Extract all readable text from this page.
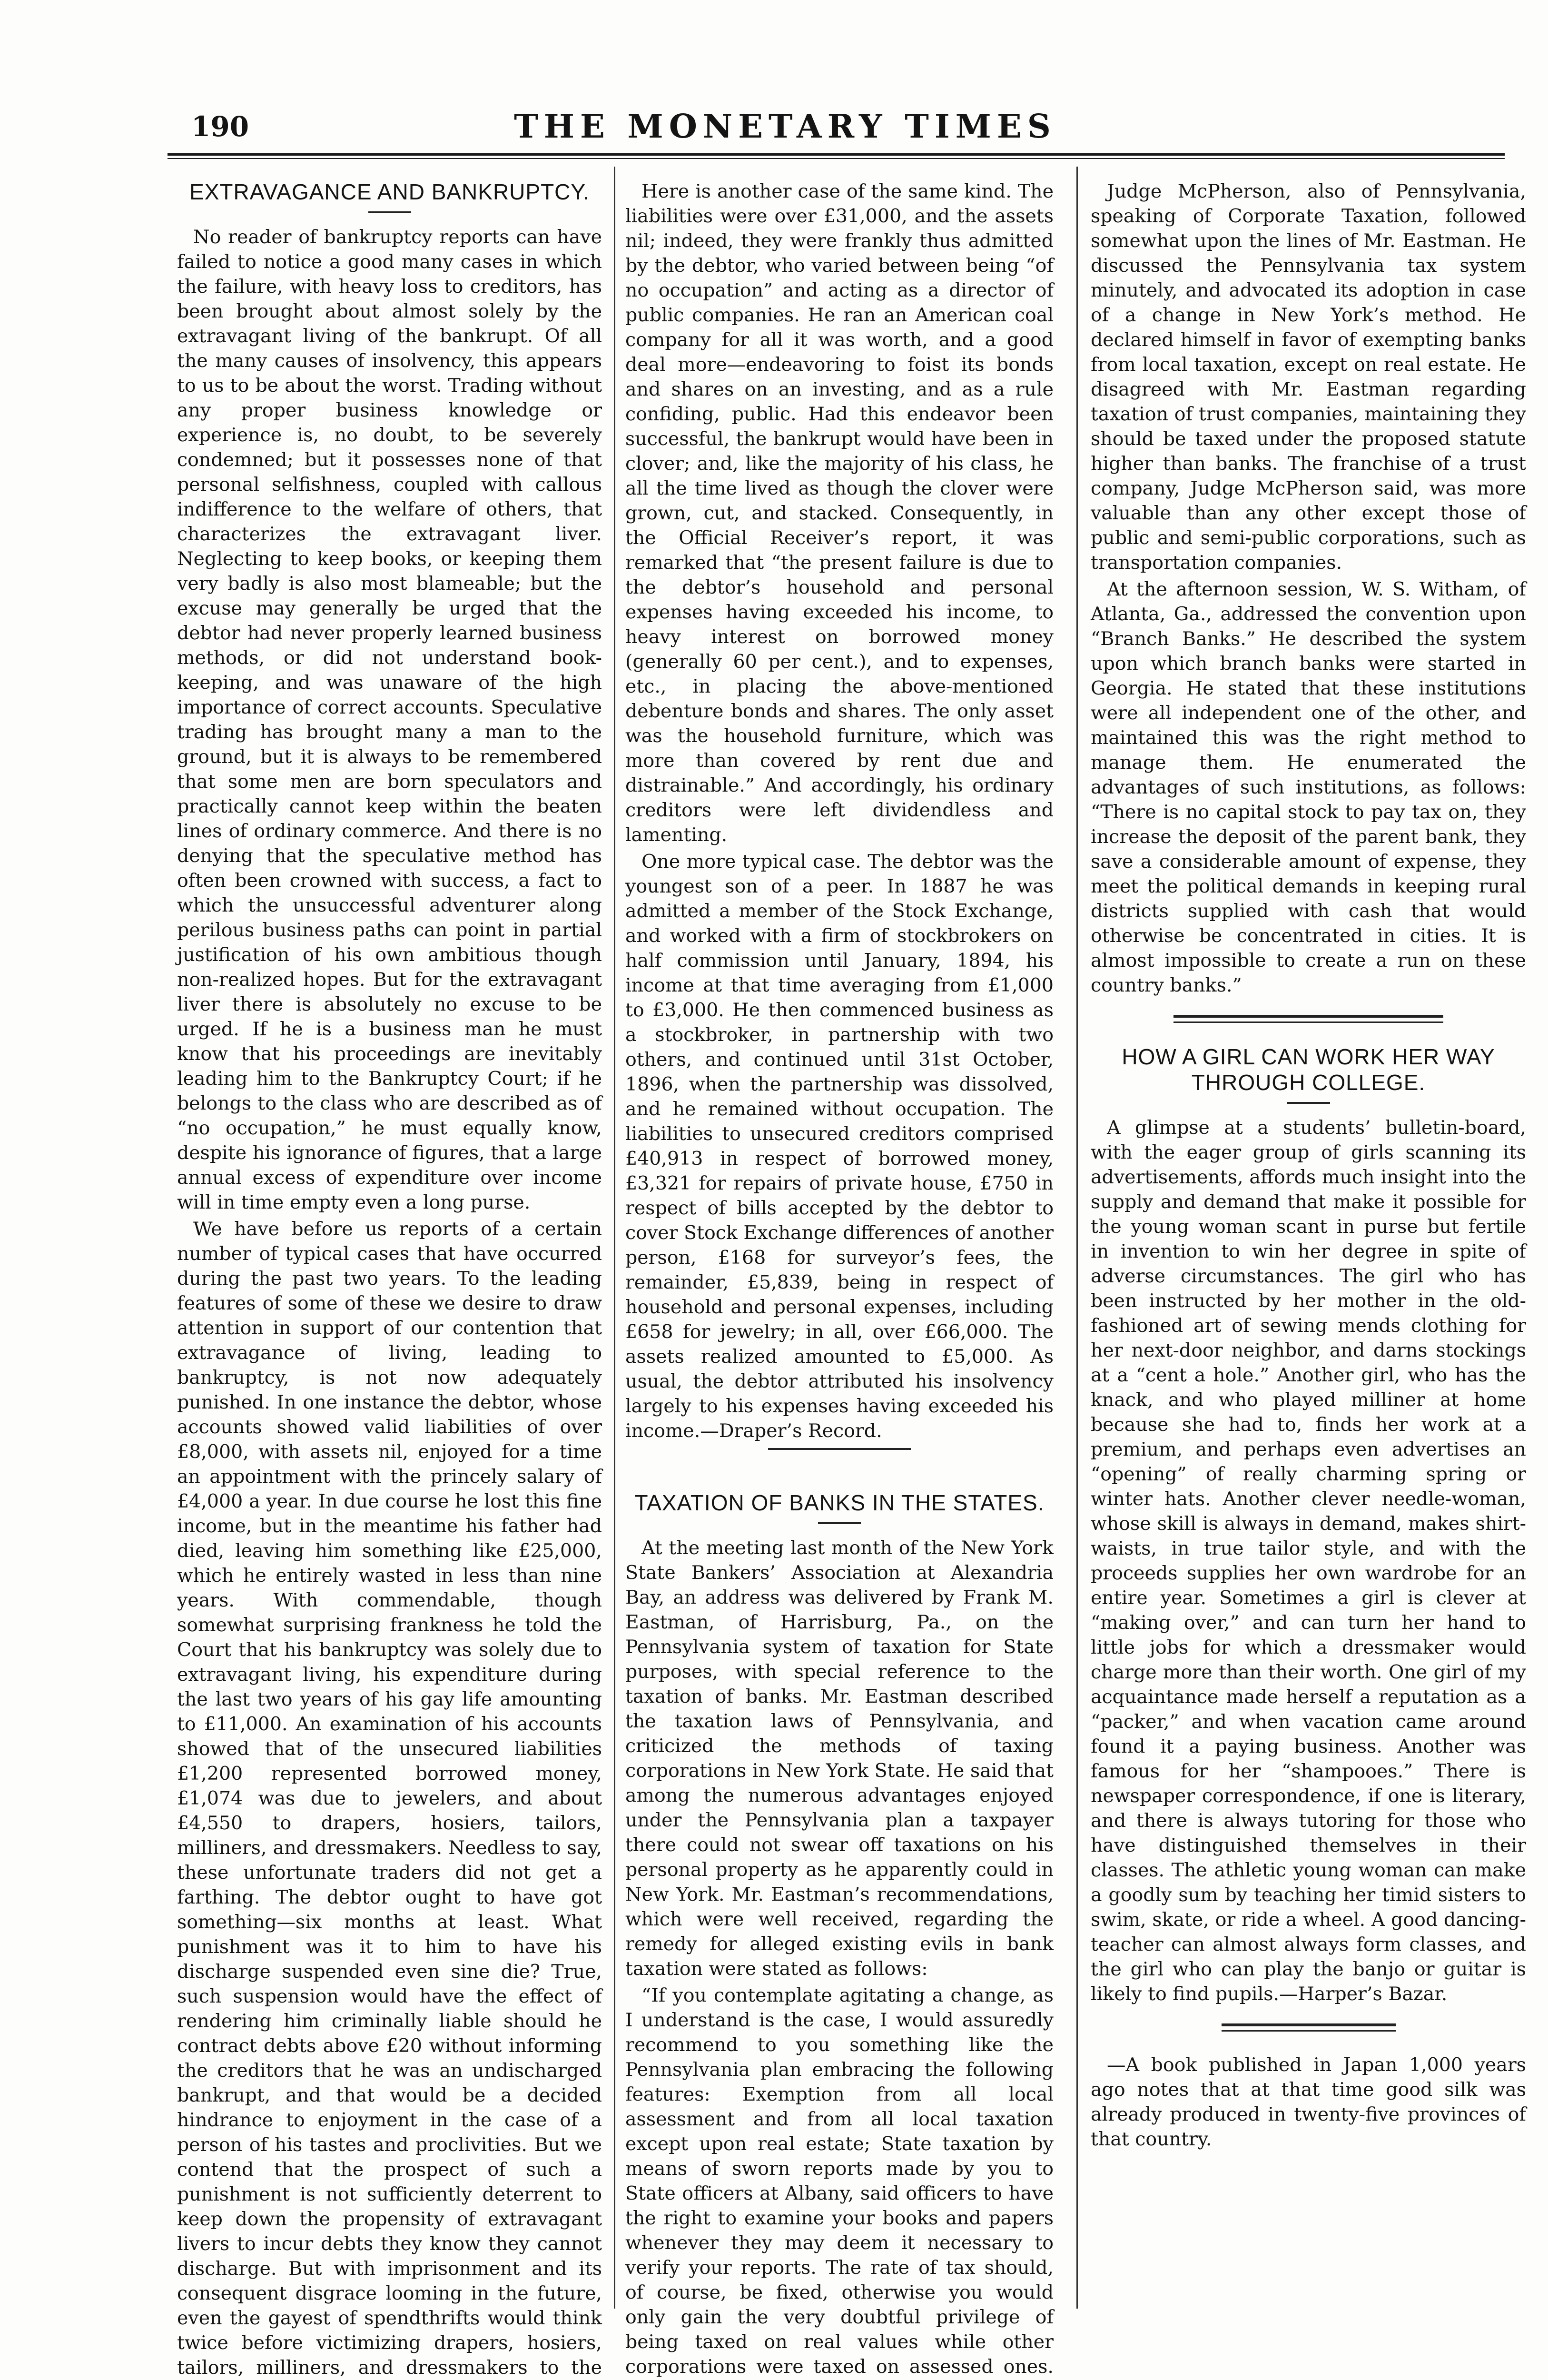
190	THE MONETARY TIMES
EXTRAVAGANCE AND BANKRUPTCY.

No reader of bankruptcy reports can have failed to notice a good many cases in which the failure, with heavy loss to creditors, has been brought about almost solely by the extravagant living of the bankrupt. Of all the many causes of insolvency, this appears to us to be about the worst. Trading without any proper business knowledge or experience is, no doubt, to be severely condemned; but it possesses none of that personal selfishness, coupled with callous indifference to the welfare of others, that characterizes the extravagant liver. Neglecting to keep books, or keeping them very badly is also most blameable; but the excuse may generally be urged that the debtor had never properly learned business methods, or did not understand book-keeping, and was unaware of the high importance of correct accounts. Speculative trading has brought many a man to the ground, but it is always to be remembered that some men are born speculators and practically cannot keep within the beaten lines of ordinary commerce. And there is no denying that the speculative method has often been crowned with success, a fact to which the unsuccessful adventurer along perilous business paths can point in partial justification of his own ambitious though non-realized hopes. But for the extravagant liver there is absolutely no excuse to be urged. If he is a business man he must know that his proceedings are inevitably leading him to the Bankruptcy Court; if he belongs to the class who are described as of “no occupation,” he must equally know, despite his ignorance of figures, that a large annual excess of expenditure over income will in time empty even a long purse.

We have before us reports of a certain number of typical cases that have occurred during the past two years. To the leading features of some of these we desire to draw attention in support of our contention that extravagance of living, leading to bankruptcy, is not now adequately punished. In one instance the debtor, whose accounts showed valid liabilities of over £8,000, with assets nil, enjoyed for a time an appointment with the princely salary of £4,000 a year. In due course he lost this fine income, but in the meantime his father had died, leaving him something like £25,000, which he entirely wasted in less than nine years. With commendable, though somewhat surprising frankness he told the Court that his bankruptcy was solely due to extravagant living, his expenditure during the last two years of his gay life amounting to £11,000. An examination of his accounts showed that of the unsecured liabilities £1,200 represented borrowed money, £1,074 was due to jewelers, and about £4,550 to drapers, hosiers, tailors, milliners, and dressmakers. Needless to say, these unfortunate traders did not get a farthing. The debtor ought to have got something—six months at least. What punishment was it to him to have his discharge suspended even sine die? True, such suspension would have the effect of rendering him criminally liable should he contract debts above £20 without informing the creditors that he was an undischarged bankrupt, and that would be a decided hindrance to enjoyment in the case of a person of his tastes and proclivities. But we contend that the prospect of such a punishment is not sufficiently deterrent to keep down the propensity of extravagant livers to incur debts they know they cannot discharge. But with imprisonment and its consequent disgrace looming in the future, even the gayest of spendthrifts would think twice before victimizing drapers, hosiers, tailors, milliners, and dressmakers to the

Here is another case of the same kind. The liabilities were over £31,000, and the assets nil; indeed, they were frankly thus admitted by the debtor, who varied between being “of no occupation” and acting as a director of public companies. He ran an American coal company for all it was worth, and a good deal more—endeavoring to foist its bonds and shares on an investing, and as a rule confiding, public. Had this endeavor been successful, the bankrupt would have been in clover; and, like the majority of his class, he all the time lived as though the clover were grown, cut, and stacked. Consequently, in the Official Receiver’s report, it was remarked that “the present failure is due to the debtor’s household and personal expenses having exceeded his income, to heavy interest on borrowed money (generally 60 per cent.), and to expenses, etc., in placing the above-mentioned debenture bonds and shares. The only asset was the household furniture, which was more than covered by rent due and distrainable.” And accordingly, his ordinary creditors were left dividendless and lamenting.

One more typical case. The debtor was the youngest son of a peer. In 1887 he was admitted a member of the Stock Exchange, and worked with a firm of stockbrokers on half commission until January, 1894, his income at that time averaging from £1,000 to £3,000. He then commenced business as a stockbroker, in partnership with two others, and continued until 31st October, 1896, when the partnership was dissolved, and he remained without occupation. The liabilities to unsecured creditors comprised £40,913 in respect of borrowed money, £3,321 for repairs of private house, £750 in respect of bills accepted by the debtor to cover Stock Exchange differences of another person, £168 for surveyor’s fees, the remainder, £5,839, being in respect of household and personal expenses, including £658 for jewelry; in all, over £66,000. The assets realized amounted to £5,000. As usual, the debtor attributed his insolvency largely to his expenses having exceeded his income.—Draper’s Record.

TAXATION OF BANKS IN THE STATES.

At the meeting last month of the New York State Bankers’ Association at Alexandria Bay, an address was delivered by Frank M. Eastman, of Harrisburg, Pa., on the Pennsylvania system of taxation for State purposes, with special reference to the taxation of banks. Mr. Eastman described the taxation laws of Pennsylvania, and criticized the methods of taxing corporations in New York State. He said that among the numerous advantages enjoyed under the Pennsylvania plan a taxpayer there could not swear off taxations on his personal property as he apparently could in New York. Mr. Eastman’s recommendations, which were well received, regarding the remedy for alleged existing evils in bank taxation were stated as follows:

“If you contemplate agitating a change, as I understand is the case, I would assuredly recommend to you something like the Pennsylvania plan embracing the following features: Exemption from all local assessment and from all local taxation except upon real estate; State taxation by means of sworn reports made by you to State officers at Albany, said officers to have the right to examine your books and papers whenever they may deem it necessary to verify your reports. The rate of tax should, of course, be fixed, otherwise you would only gain the very doubtful privilege of being taxed on real values while other corporations were taxed on assessed ones.

Judge McPherson, also of Pennsylvania, speaking of Corporate Taxation, followed somewhat upon the lines of Mr. Eastman. He discussed the Pennsylvania tax system minutely, and advocated its adoption in case of a change in New York’s method. He declared himself in favor of exempting banks from local taxation, except on real estate. He disagreed with Mr. Eastman regarding taxation of trust companies, maintaining they should be taxed under the proposed statute higher than banks. The franchise of a trust company, Judge McPherson said, was more valuable than any other except those of public and semi-public corporations, such as transportation companies.

At the afternoon session, W. S. Witham, of Atlanta, Ga., addressed the convention upon “Branch Banks.” He described the system upon which branch banks were started in Georgia. He stated that these institutions were all independent one of the other, and maintained this was the right method to manage them. He enumerated the advantages of such institutions, as follows: “There is no capital stock to pay tax on, they increase the deposit of the parent bank, they save a considerable amount of expense, they meet the political demands in keeping rural districts supplied with cash that would otherwise be concentrated in cities. It is almost impossible to create a run on these country banks.”

HOW A GIRL CAN WORK HER WAY THROUGH COLLEGE.

A glimpse at a students’ bulletin-board, with the eager group of girls scanning its advertisements, affords much insight into the supply and demand that make it possible for the young woman scant in purse but fertile in invention to win her degree in spite of adverse circumstances. The girl who has been instructed by her mother in the old-fashioned art of sewing mends clothing for her next-door neighbor, and darns stockings at a “cent a hole.” Another girl, who has the knack, and who played milliner at home because she had to, finds her work at a premium, and perhaps even advertises an “opening” of really charming spring or winter hats. Another clever needle-woman, whose skill is always in demand, makes shirt-waists, in true tailor style, and with the proceeds supplies her own wardrobe for an entire year. Sometimes a girl is clever at “making over,” and can turn her hand to little jobs for which a dressmaker would charge more than their worth. One girl of my acquaintance made herself a reputation as a “packer,” and when vacation came around found it a paying business. Another was famous for her “shampooes.” There is newspaper correspondence, if one is literary, and there is always tutoring for those who have distinguished themselves in their classes. The athletic young woman can make a goodly sum by teaching her timid sisters to swim, skate, or ride a wheel. A good dancing-teacher can almost always form classes, and the girl who can play the banjo or guitar is likely to find pupils.—Harper’s Bazar.

—A book published in Japan 1,000 years ago notes that at that time good silk was already produced in twenty-five provinces of that country.
